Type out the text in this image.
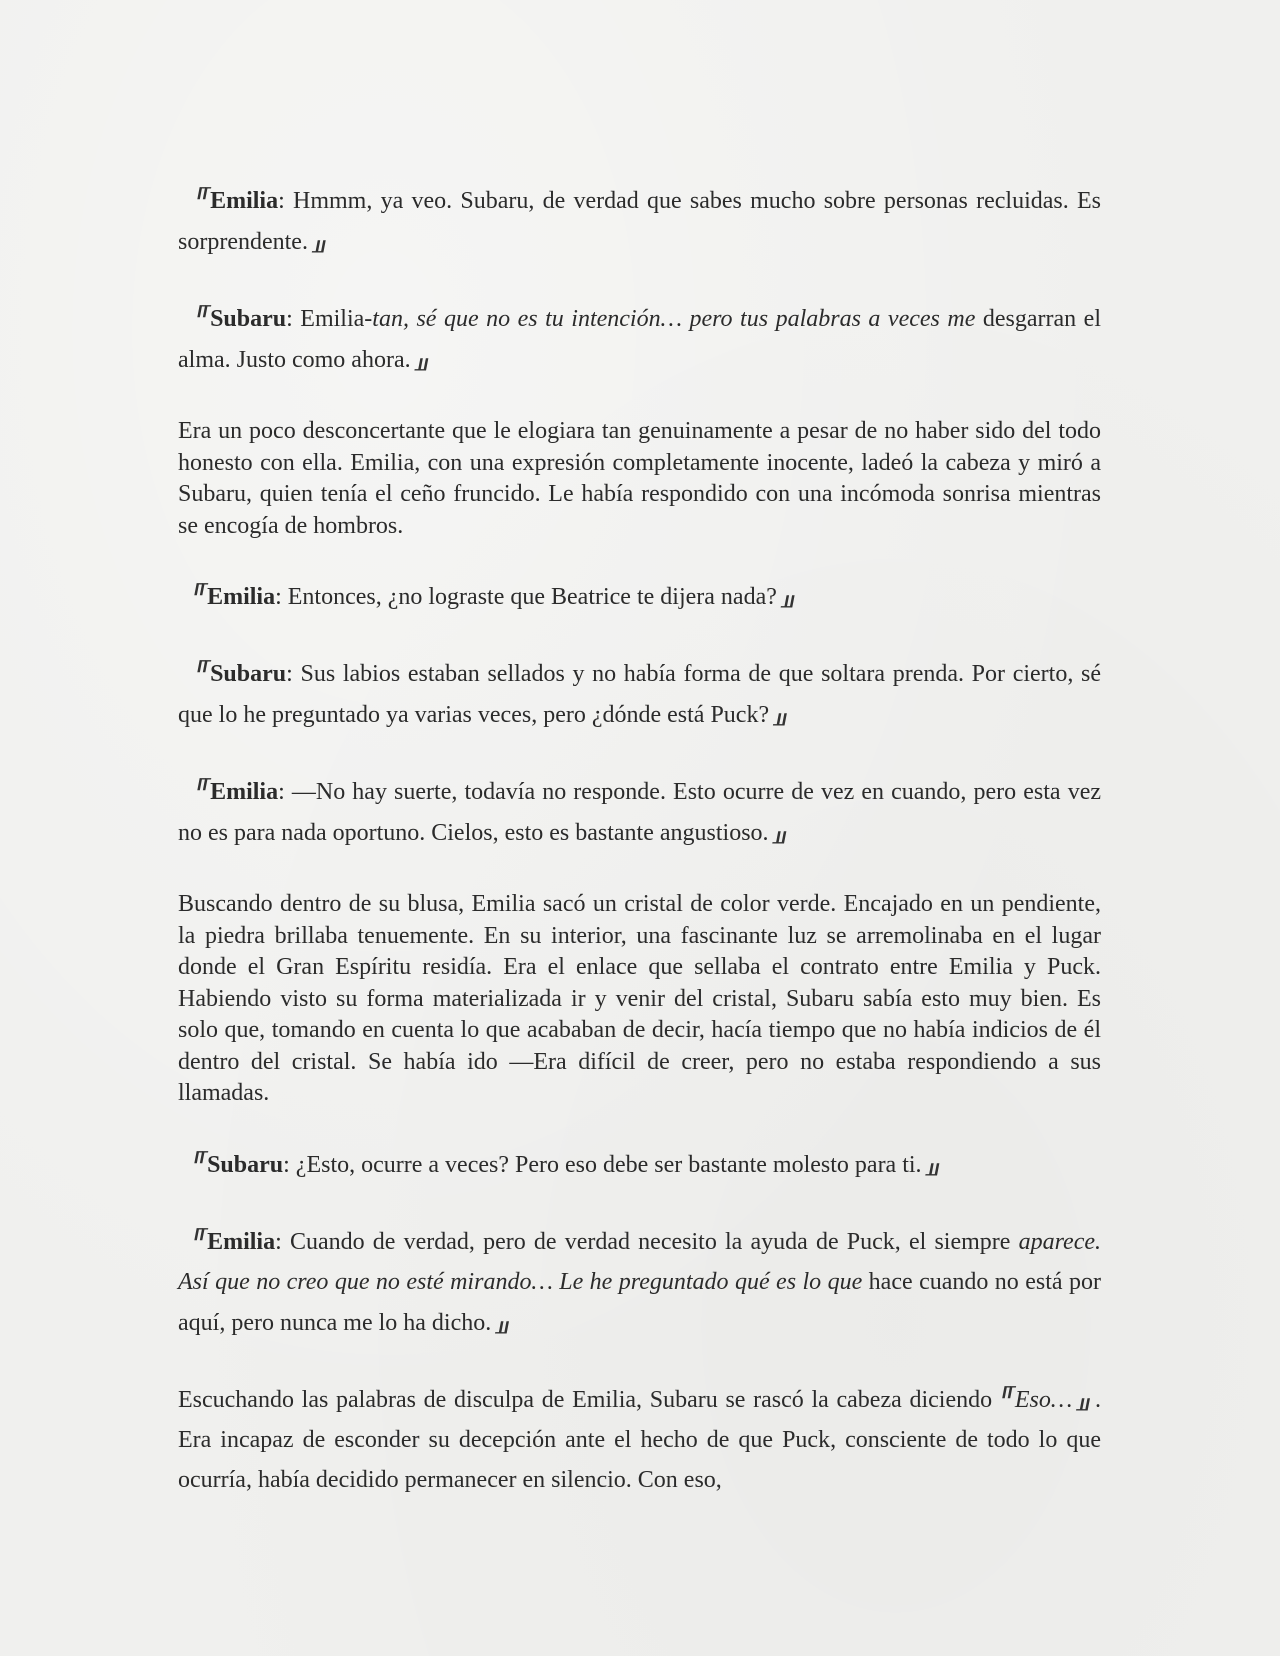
⸢⸢ Emilia: Hmmm, ya veo. Subaru, de verdad que sabes mucho sobre personas recluidas. Es sorprendente. ⸥⸥

⸢⸢ Subaru: Emilia-tan, sé que no es tu intención… pero tus palabras a veces me desgarran el alma. Justo como ahora. ⸥⸥

Era un poco desconcertante que le elogiara tan genuinamente a pesar de no haber sido del todo honesto con ella. Emilia, con una expresión completamente inocente, ladeó la cabeza y miró a Subaru, quien tenía el ceño fruncido. Le había respondido con una incómoda sonrisa mientras se encogía de hombros.

⸢⸢ Emilia: Entonces, ¿no lograste que Beatrice te dijera nada? ⸥⸥

⸢⸢ Subaru: Sus labios estaban sellados y no había forma de que soltara prenda. Por cierto, sé que lo he preguntado ya varias veces, pero ¿dónde está Puck? ⸥⸥

⸢⸢ Emilia: —No hay suerte, todavía no responde. Esto ocurre de vez en cuando, pero esta vez no es para nada oportuno. Cielos, esto es bastante angustioso. ⸥⸥

Buscando dentro de su blusa, Emilia sacó un cristal de color verde. Encajado en un pendiente, la piedra brillaba tenuemente. En su interior, una fascinante luz se arremolinaba en el lugar donde el Gran Espíritu residía. Era el enlace que sellaba el contrato entre Emilia y Puck. Habiendo visto su forma materializada ir y venir del cristal, Subaru sabía esto muy bien. Es solo que, tomando en cuenta lo que acababan de decir, hacía tiempo que no había indicios de él dentro del cristal. Se había ido —Era difícil de creer, pero no estaba respondiendo a sus llamadas.

⸢⸢ Subaru: ¿Esto, ocurre a veces? Pero eso debe ser bastante molesto para ti. ⸥⸥

⸢⸢ Emilia: Cuando de verdad, pero de verdad necesito la ayuda de Puck, el siempre aparece. Así que no creo que no esté mirando… Le he preguntado qué es lo que hace cuando no está por aquí, pero nunca me lo ha dicho. ⸥⸥

Escuchando las palabras de disculpa de Emilia, Subaru se rascó la cabeza diciendo ⸢⸢ Eso… ⸥⸥ . Era incapaz de esconder su decepción ante el hecho de que Puck, consciente de todo lo que ocurría, había decidido permanecer en silencio. Con eso,
